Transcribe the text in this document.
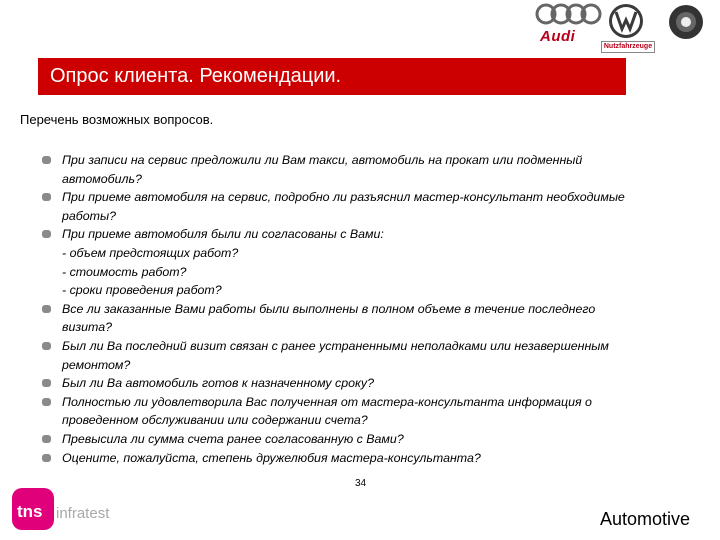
Audi
Nutzfahrzeuge
Опрос клиента. Рекомендации.
Перечень возможных вопросов.
При записи на сервис предложили ли Вам такси, автомобиль на прокат или подменный автомобиль?
При приеме автомобиля на сервис, подробно ли разъяснил мастер-консультант необходимые работы?
При приеме автомобиля были ли согласованы с Вами:
- объем предстоящих работ?
- стоимость работ?
- сроки проведения работ?
Все ли заказанные Вами работы были выполнены в полном объеме в течение последнего визита?
Был ли Ва последний визит связан с ранее устраненными неполадками или незавершенным ремонтом?
Был ли Ва автомобиль готов к назначенному сроку?
Полностью ли удовлетворила Вас полученная от мастера-консультанта информация о проведенном обслуживании или содержании счета?
Превысила ли сумма счета ранее согласованную с Вами?
Оцените, пожалуйста, степень дружелюбия мастера-консультанта?
tns infratest
34
Automotive
